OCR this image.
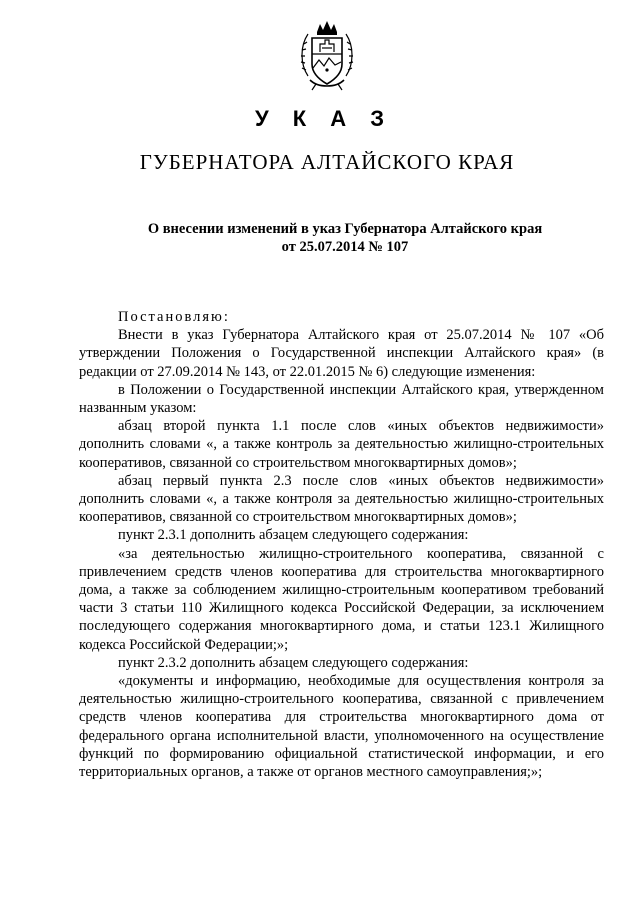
У К А З
ГУБЕРНАТОРА АЛТАЙСКОГО КРАЯ
О внесении изменений в указ Губернатора Алтайского края
от 25.07.2014 № 107

Постановляю:

Внести в указ Губернатора Алтайского края от 25.07.2014 № 107 «Об утверждении Положения о Государственной инспекции Алтайского края» (в редакции от 27.09.2014 № 143, от 22.01.2015 № 6) следующие изменения:

в Положении о Государственной инспекции Алтайского края, утвержденном названным указом:

абзац второй пункта 1.1 после слов «иных объектов недвижимости» дополнить словами «, а также контроль за деятельностью жилищно-строительных кооперативов, связанной со строительством многоквартирных домов»;

абзац первый пункта 2.3 после слов «иных объектов недвижимости» дополнить словами «, а также контроля за деятельностью жилищно-строительных кооперативов, связанной со строительством многоквартирных домов»;

пункт 2.3.1 дополнить абзацем следующего содержания:

«за деятельностью жилищно-строительного кооператива, связанной с привлечением средств членов кооператива для строительства многоквартирного дома, а также за соблюдением жилищно-строительным кооперативом требований части 3 статьи 110 Жилищного кодекса Российской Федерации, за исключением последующего содержания многоквартирного дома, и статьи 123.1 Жилищного кодекса Российской Федерации;»;

пункт 2.3.2 дополнить абзацем следующего содержания:

«документы и информацию, необходимые для осуществления контроля за деятельностью жилищно-строительного кооператива, связанной с привлечением средств членов кооператива для строительства многоквартирного дома от федерального органа исполнительной власти, уполномоченного на осуществление функций по формированию официальной статистической информации, и его территориальных органов, а также от органов местного самоуправления;»;
